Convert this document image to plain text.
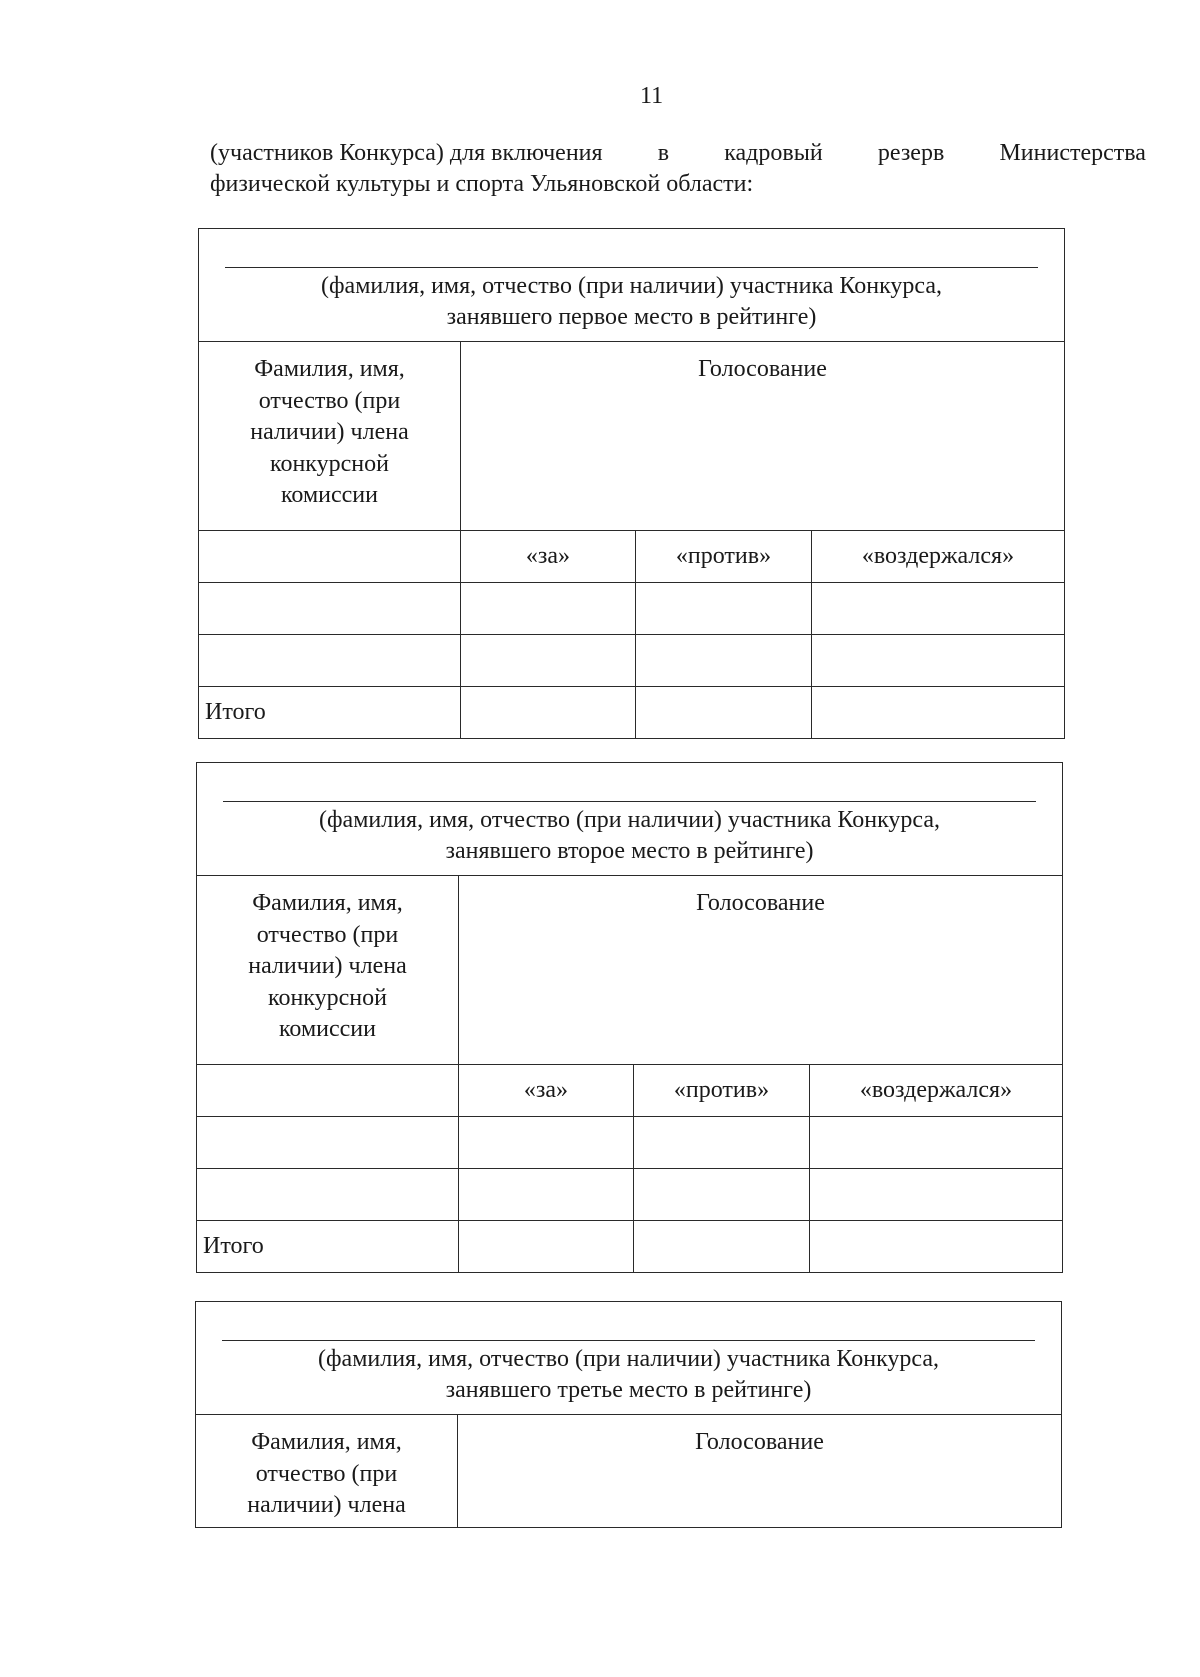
11
(участников Конкурса) для включения в кадровый резерв Министерства
физической культуры и спорта Ульяновской области:
(фамилия, имя, отчество (при наличии) участника Конкурса,
занявшего первое место в рейтинге)			

Фамилия, имя,
отчество (при
наличии) члена
конкурсной
комиссии	Голосование		
	«за»	«против»	«воздержался»

Итого			
(фамилия, имя, отчество (при наличии) участника Конкурса,
занявшего второе место в рейтинге)			

Фамилия, имя,
отчество (при
наличии) члена
конкурсной
комиссии	Голосование		
	«за»	«против»	«воздержался»

Итого			
(фамилия, имя, отчество (при наличии) участника Конкурса,
занявшего третье место в рейтинге)

Фамилия, имя,
отчество (при
наличии) члена
	Голосование
